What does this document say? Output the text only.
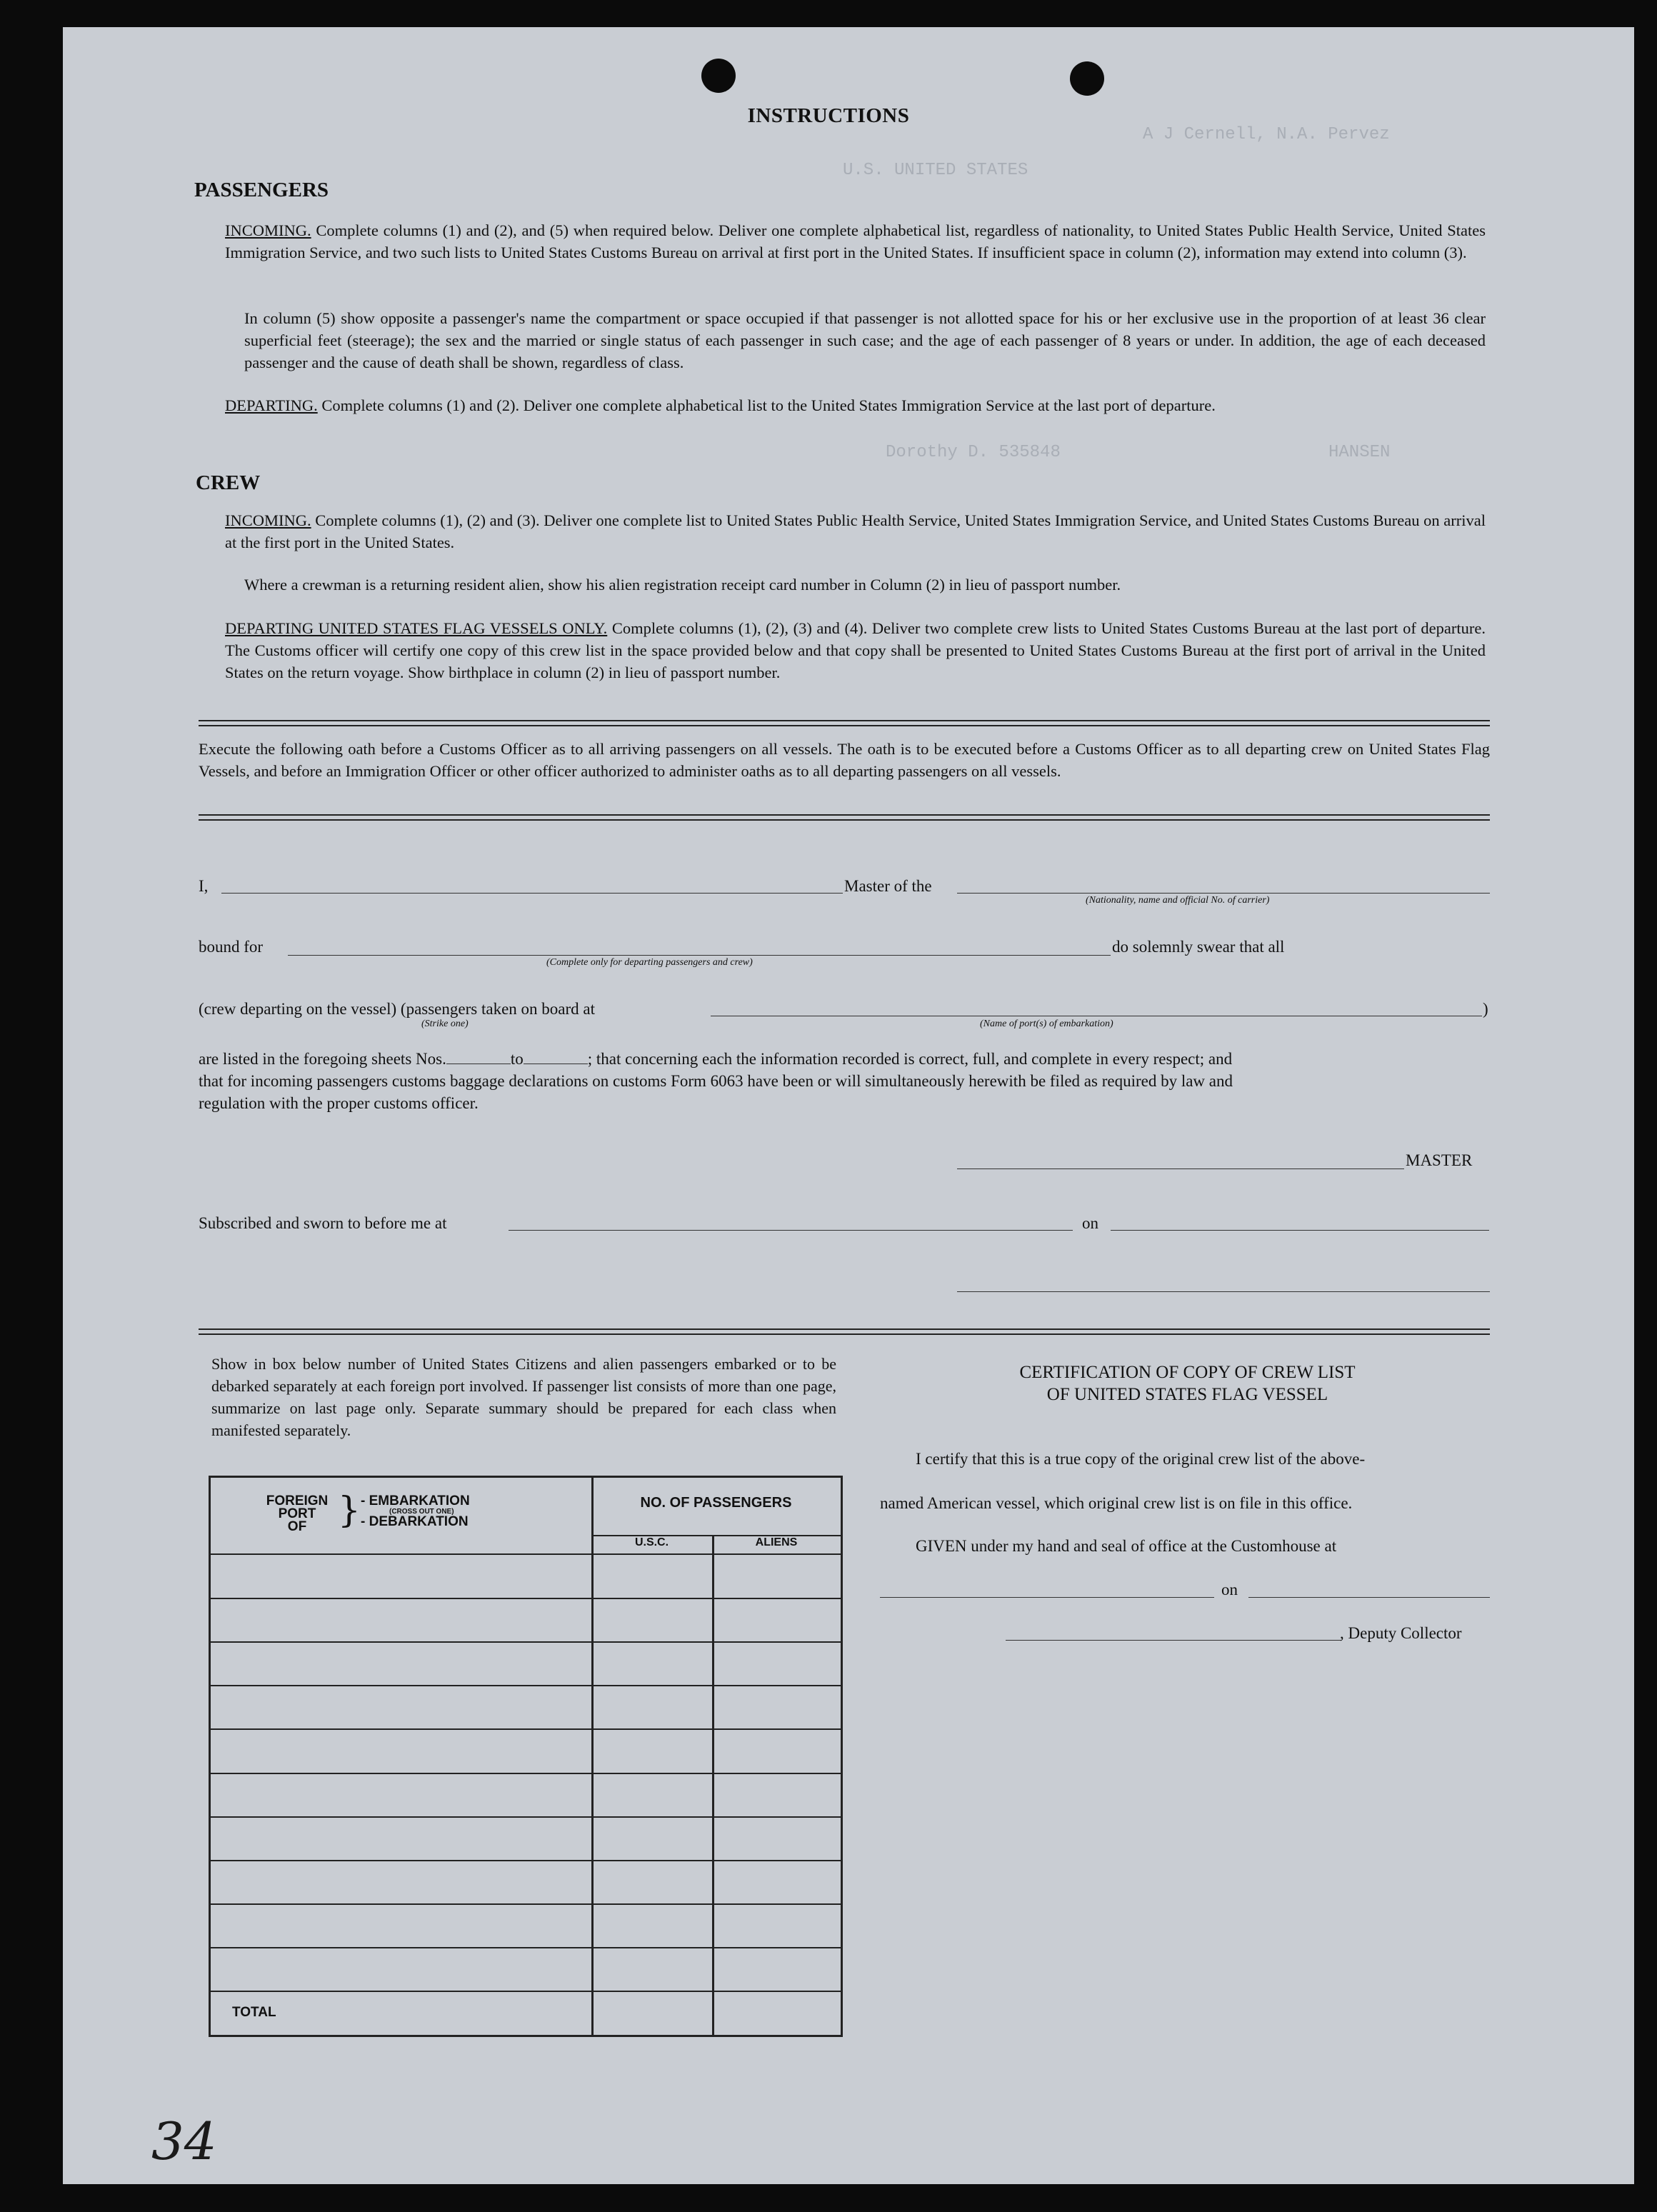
A J Cernell, N.A. Pervez
U.S. UNITED STATES
HANSEN
Dorothy D. 535848
INSTRUCTIONS
PASSENGERS
INCOMING. Complete columns (1) and (2), and (5) when required below. Deliver one complete alphabetical list, regardless of nationality, to United States Public Health Service, United States Immigration Service, and two such lists to United States Customs Bureau on arrival at first port in the United States. If insufficient space in column (2), information may extend into column (3).
In column (5) show opposite a passenger's name the compartment or space occupied if that passenger is not allotted space for his or her exclusive use in the proportion of at least 36 clear superficial feet (steerage); the sex and the married or single status of each passenger in such case; and the age of each passenger of 8 years or under. In addition, the age of each deceased passenger and the cause of death shall be shown, regardless of class.
DEPARTING. Complete columns (1) and (2). Deliver one complete alphabetical list to the United States Immigration Service at the last port of departure.
CREW
INCOMING. Complete columns (1), (2) and (3). Deliver one complete list to United States Public Health Service, United States Immigration Service, and United States Customs Bureau on arrival at the first port in the United States.
Where a crewman is a returning resident alien, show his alien registration receipt card number in Column (2) in lieu of passport number.
DEPARTING UNITED STATES FLAG VESSELS ONLY. Complete columns (1), (2), (3) and (4). Deliver two complete crew lists to United States Customs Bureau at the last port of departure. The Customs officer will certify one copy of this crew list in the space provided below and that copy shall be presented to United States Customs Bureau at the first port of arrival in the United States on the return voyage. Show birthplace in column (2) in lieu of passport number.
Execute the following oath before a Customs Officer as to all arriving passengers on all vessels. The oath is to be executed before a Customs Officer as to all departing crew on United States Flag Vessels, and before an Immigration Officer or other officer authorized to administer oaths as to all departing passengers on all vessels.
I,	Master of the
(Nationality, name and official No. of carrier)
bound for	do solemnly swear that all
(Complete only for departing passengers and crew)
(crew departing on the vessel) (passengers taken on board at	)
(Strike one)	(Name of port(s) of embarkation)
are listed in the foregoing sheets Nos.	to	; that concerning each the information recorded is correct, full, and complete in every respect; and
that for incoming passengers customs baggage declarations on customs Form 6063 have been or will simultaneously herewith be filed as required by law and
regulation with the proper customs officer.
MASTER
Subscribed and sworn to before me at	on
Show in box below number of United States Citizens and alien passengers embarked or to be debarked separately at each foreign port involved. If passenger list consists of more than one page, summarize on last page only. Separate summary should be prepared for each class when manifested separately.
FOREIGN
PORT
OF } - EMBARKATION
(CROSS OUT ONE)
- DEBARKATION
NO. OF PASSENGERS
U.S.C.	ALIENS
TOTAL
CERTIFICATION OF COPY OF CREW LIST
OF UNITED STATES FLAG VESSEL
I certify that this is a true copy of the original crew list of the above-
named American vessel, which original crew list is on file in this office.
GIVEN under my hand and seal of office at the Customhouse at
on
, Deputy Collector
34
